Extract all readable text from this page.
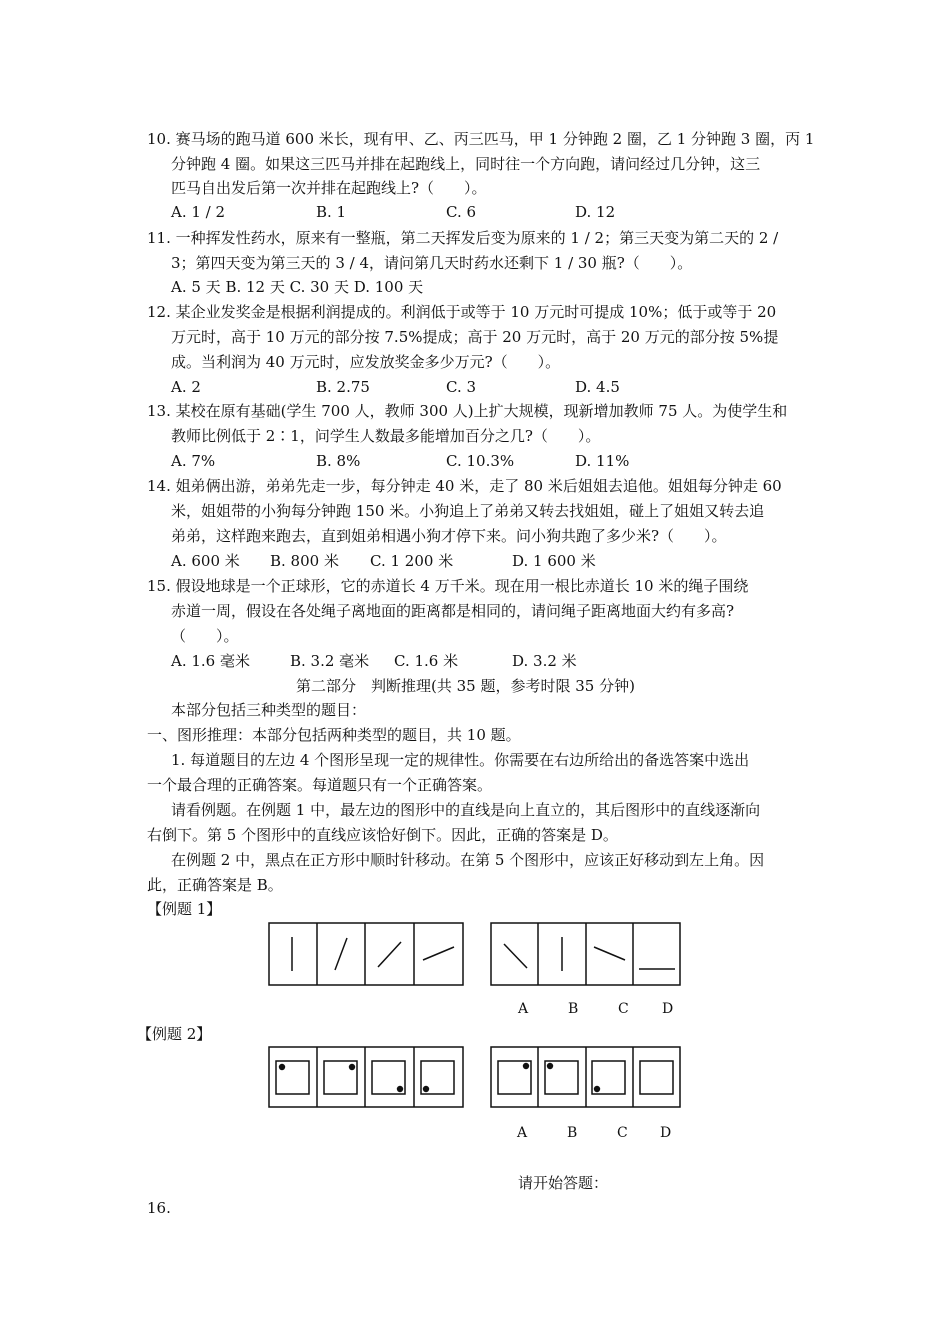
10. 赛马场的跑马道 600 米长，现有甲、乙、丙三匹马，甲 1 分钟跑 2 圈，乙 1 分钟跑 3 圈，丙 1
分钟跑 4 圈。如果这三匹马并排在起跑线上，同时往一个方向跑，请问经过几分钟，这三
匹马自出发后第一次并排在起跑线上?（　　）。
A. 1 / 2	B. 1	C. 6	D. 12
11. 一种挥发性药水，原来有一整瓶，第二天挥发后变为原来的 1 / 2；第三天变为第二天的 2 /
3；第四天变为第三天的 3 / 4，请问第几天时药水还剩下 1 / 30 瓶?（　　）。
A. 5 天 B. 12 天 C. 30 天 D. 100 天
12. 某企业发奖金是根据利润提成的。利润低于或等于 10 万元时可提成 10%；低于或等于 20
万元时，高于 10 万元的部分按 7.5%提成；高于 20 万元时，高于 20 万元的部分按 5%提
成。当利润为 40 万元时，应发放奖金多少万元?（　　）。
A. 2	B. 2.75	C. 3	D. 4.5
13. 某校在原有基础(学生 700 人，教师 300 人)上扩大规模，现新增加教师 75 人。为使学生和
教师比例低于 2∶1，问学生人数最多能增加百分之几?（　　）。
A. 7%	B. 8%	C. 10.3%	D. 11%
14. 姐弟俩出游，弟弟先走一步，每分钟走 40 米，走了 80 米后姐姐去追他。姐姐每分钟走 60
米，姐姐带的小狗每分钟跑 150 米。小狗追上了弟弟又转去找姐姐，碰上了姐姐又转去追
弟弟，这样跑来跑去，直到姐弟相遇小狗才停下来。问小狗共跑了多少米?（　　）。
A. 600 米 B. 800 米 C. 1 200 米	D. 1 600 米
15. 假设地球是一个正球形，它的赤道长 4 万千米。现在用一根比赤道长 10 米的绳子围绕
赤道一周，假设在各处绳子离地面的距离都是相同的，请问绳子距离地面大约有多高?
（　　）。
A. 1.6 毫米	B. 3.2 毫米 C. 1.6 米	D. 3.2 米
第二部分　判断推理(共 35 题，参考时限 35 分钟)
本部分包括三种类型的题目：
一、图形推理：本部分包括两种类型的题目，共 10 题。
1. 每道题目的左边 4 个图形呈现一定的规律性。你需要在右边所给出的备选答案中选出
一个最合理的正确答案。每道题只有一个正确答案。
请看例题。在例题 1 中，最左边的图形中的直线是向上直立的，其后图形中的直线逐渐向
右倒下。第 5 个图形中的直线应该恰好倒下。因此，正确的答案是 D。
在例题 2 中，黑点在正方形中顺时针移动。在第 5 个图形中，应该正好移动到左上角。因
此，正确答案是 B。
【例题 1】
A	B	C D
【例题 2】
A	B	C D
请开始答题：
16.
